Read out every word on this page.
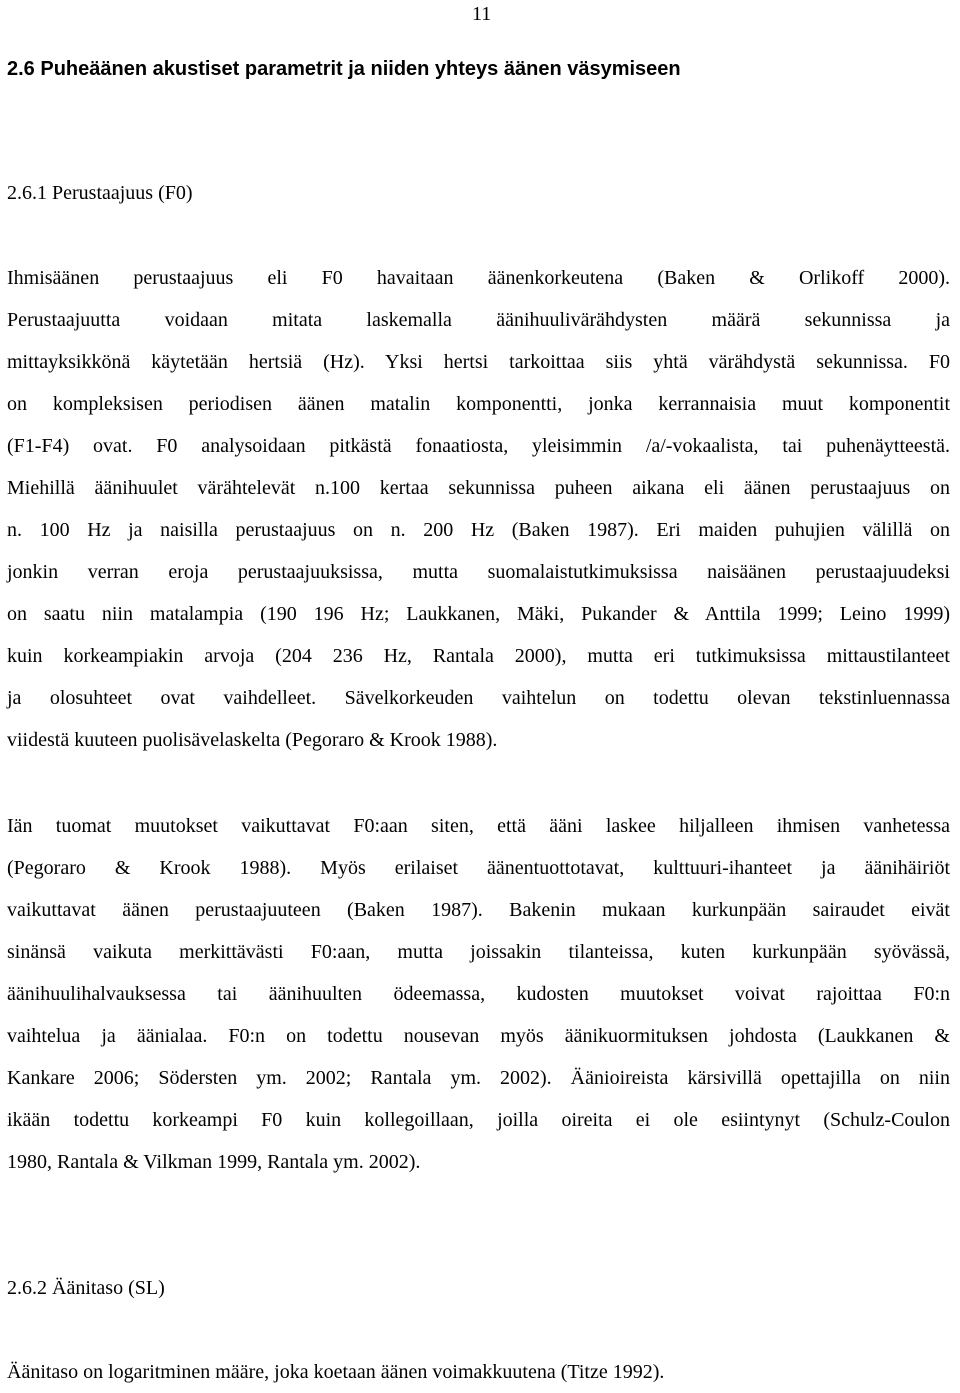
11
2.6 Puheäänen akustiset parametrit ja niiden yhteys äänen väsymiseen
2.6.1 Perustaajuus (F0)
Ihmisäänen perustaajuus eli F0 havaitaan äänenkorkeutena (Baken & Orlikoff 2000).
Perustaajuutta voidaan mitata laskemalla äänihuulivärähdysten määrä sekunnissa ja
mittayksikkönä käytetään hertsiä (Hz). Yksi hertsi tarkoittaa siis yhtä värähdystä sekunnissa. F0
on kompleksisen periodisen äänen matalin komponentti, jonka kerrannaisia muut komponentit
(F1-F4) ovat. F0 analysoidaan pitkästä fonaatiosta, yleisimmin /a/-vokaalista, tai puhenäytteestä.
Miehillä äänihuulet värähtelevät n.100 kertaa sekunnissa puheen aikana eli äänen perustaajuus on
n. 100 Hz ja naisilla perustaajuus on n. 200 Hz (Baken 1987). Eri maiden puhujien välillä on
jonkin verran eroja perustaajuuksissa, mutta suomalaistutkimuksissa naisäänen perustaajuudeksi
on saatu niin matalampia (190 196 Hz; Laukkanen, Mäki, Pukander & Anttila 1999; Leino 1999)
kuin korkeampiakin arvoja (204 236 Hz, Rantala 2000), mutta eri tutkimuksissa mittaustilanteet
ja olosuhteet ovat vaihdelleet. Sävelkorkeuden vaihtelun on todettu olevan tekstinluennassa
viidestä kuuteen puolisävelaskelta (Pegoraro & Krook 1988).
Iän tuomat muutokset vaikuttavat F0:aan siten, että ääni laskee hiljalleen ihmisen vanhetessa
(Pegoraro & Krook 1988). Myös erilaiset äänentuottotavat, kulttuuri-ihanteet ja äänihäiriöt
vaikuttavat äänen perustaajuuteen (Baken 1987). Bakenin mukaan kurkunpään sairaudet eivät
sinänsä vaikuta merkittävästi F0:aan, mutta joissakin tilanteissa, kuten kurkunpään syövässä,
äänihuulihalvauksessa tai äänihuulten ödeemassa, kudosten muutokset voivat rajoittaa F0:n
vaihtelua ja äänialaa. F0:n on todettu nousevan myös äänikuormituksen johdosta (Laukkanen &
Kankare 2006; Södersten ym. 2002; Rantala ym. 2002). Äänioireista kärsivillä opettajilla on niin
ikään todettu korkeampi F0 kuin kollegoillaan, joilla oireita ei ole esiintynyt (Schulz-Coulon
1980, Rantala & Vilkman 1999, Rantala ym. 2002).
2.6.2 Äänitaso (SL)
Äänitaso on logaritminen määre, joka koetaan äänen voimakkuutena (Titze 1992).
